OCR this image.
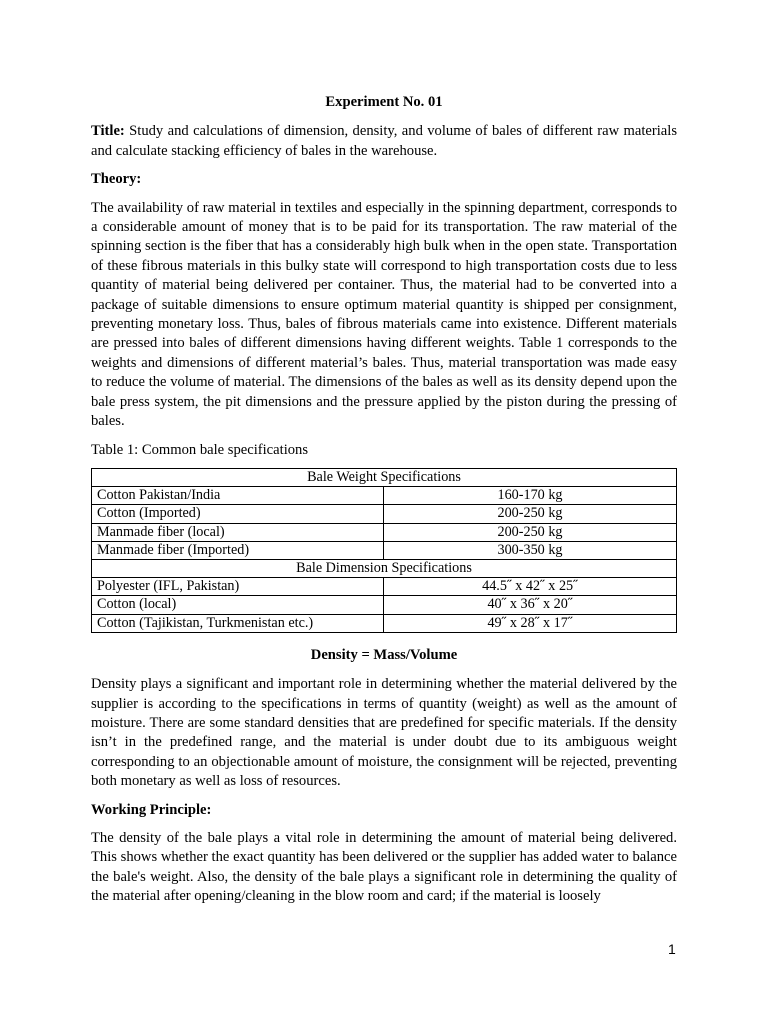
Experiment No. 01

Title: Study and calculations of dimension, density, and volume of bales of different raw materials and calculate stacking efficiency of bales in the warehouse.

Theory:

The availability of raw material in textiles and especially in the spinning department, corresponds to a considerable amount of money that is to be paid for its transportation. The raw material of the spinning section is the fiber that has a considerably high bulk when in the open state. Transportation of these fibrous materials in this bulky state will correspond to high transportation costs due to less quantity of material being delivered per container. Thus, the material had to be converted into a package of suitable dimensions to ensure optimum material quantity is shipped per consignment, preventing monetary loss. Thus, bales of fibrous materials came into existence. Different materials are pressed into bales of different dimensions having different weights. Table 1 corresponds to the weights and dimensions of different material’s bales. Thus, material transportation was made easy to reduce the volume of material. The dimensions of the bales as well as its density depend upon the bale press system, the pit dimensions and the pressure applied by the piston during the pressing of bales.

Table 1: Common bale specifications

Bale Weight Specifications	
Cotton Pakistan/India	160-170 kg
Cotton (Imported)	200-250 kg
Manmade fiber (local)	200-250 kg
Manmade fiber (Imported)	300-350 kg
Bale Dimension Specifications	
Polyester (IFL, Pakistan)	44.5˝ x 42˝ x 25˝
Cotton (local)	40˝ x 36˝ x 20˝
Cotton (Tajikistan, Turkmenistan etc.)	49˝ x 28˝ x 17˝

Density = Mass/Volume

Density plays a significant and important role in determining whether the material delivered by the supplier is according to the specifications in terms of quantity (weight) as well as the amount of moisture. There are some standard densities that are predefined for specific materials. If the density isn’t in the predefined range, and the material is under doubt due to its ambiguous weight corresponding to an objectionable amount of moisture, the consignment will be rejected, preventing both monetary as well as loss of resources.

Working Principle:

The density of the bale plays a vital role in determining the amount of material being delivered. This shows whether the exact quantity has been delivered or the supplier has added water to balance the bale's weight. Also, the density of the bale plays a significant role in determining the quality of the material after opening/cleaning in the blow room and card; if the material is loosely

1
